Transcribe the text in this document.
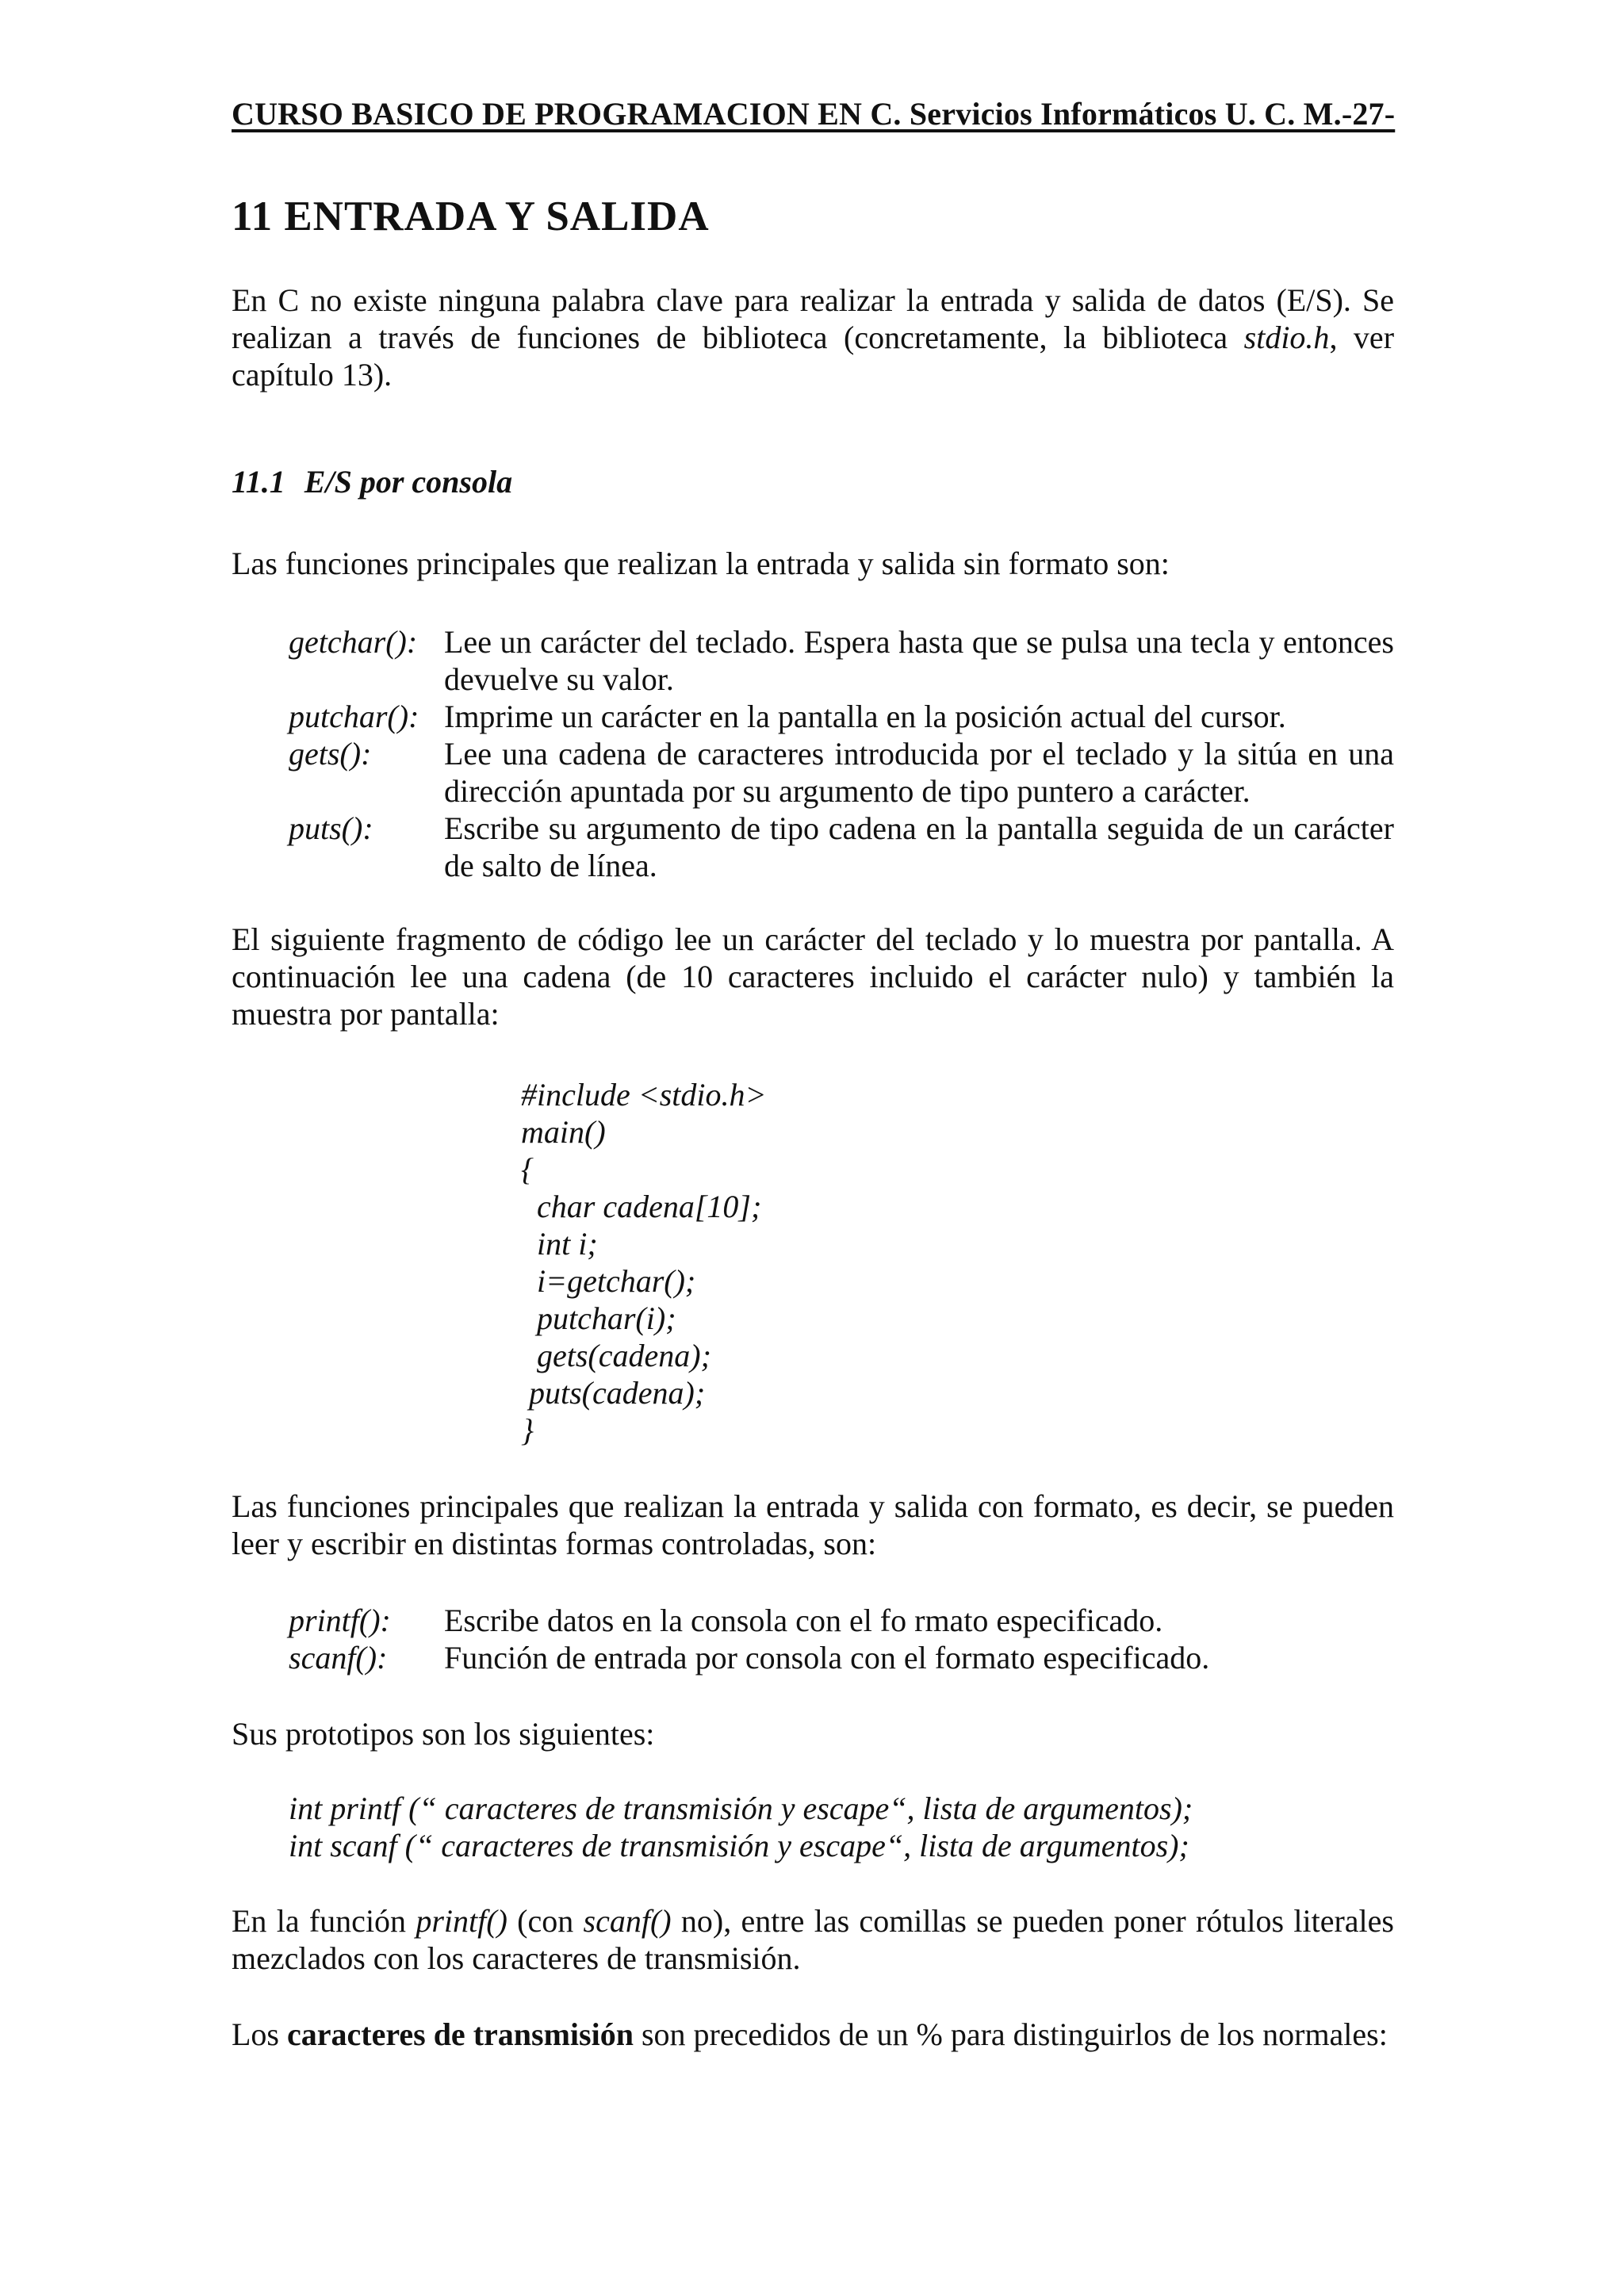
CURSO BASICO DE PROGRAMACION EN C. Servicios Informáticos U. C. M.-27-
11 ENTRADA Y SALIDA

En C no existe ninguna palabra clave para realizar la entrada y salida de datos (E/S). Se realizan a través de funciones de biblioteca (concretamente, la biblioteca stdio.h, ver capítulo 13).

11.1 E/S por consola

Las funciones principales que realizan la entrada y salida sin formato son:

getchar(): Lee un carácter del teclado. Espera hasta que se pulsa una tecla y entonces devuelve su valor.
putchar(): Imprime un carácter en la pantalla en la posición actual del cursor.
gets():	Lee una cadena de caracteres introducida por el teclado y la sitúa en una dirección apuntada por su argumento de tipo puntero a carácter.
puts():	Escribe su argumento de tipo cadena en la pantalla seguida de un carácter de salto de línea.

El siguiente fragmento de código lee un carácter del teclado y lo muestra por pantalla. A continuación lee una cadena (de 10 caracteres incluido el carácter nulo) y también la muestra por pantalla:

#include <stdio.h>
main()
{
char cadena[10];
int i;
i=getchar();
putchar(i);
gets(cadena);
puts(cadena);
}

Las funciones principales que realizan la entrada y salida con formato, es decir, se pueden leer y escribir en distintas formas controladas, son:

printf():	Escribe datos en la consola con el fo rmato especificado.
scanf():	Función de entrada por consola con el formato especificado.

Sus prototipos son los siguientes:

int printf (“ caracteres de transmisión y escape“, lista de argumentos);
int scanf (“ caracteres de transmisión y escape“, lista de argumentos);

En la función printf() (con scanf() no), entre las comillas se pueden poner rótulos literales mezclados con los caracteres de transmisión.

Los caracteres de transmisión son precedidos de un % para distinguirlos de los normales:
